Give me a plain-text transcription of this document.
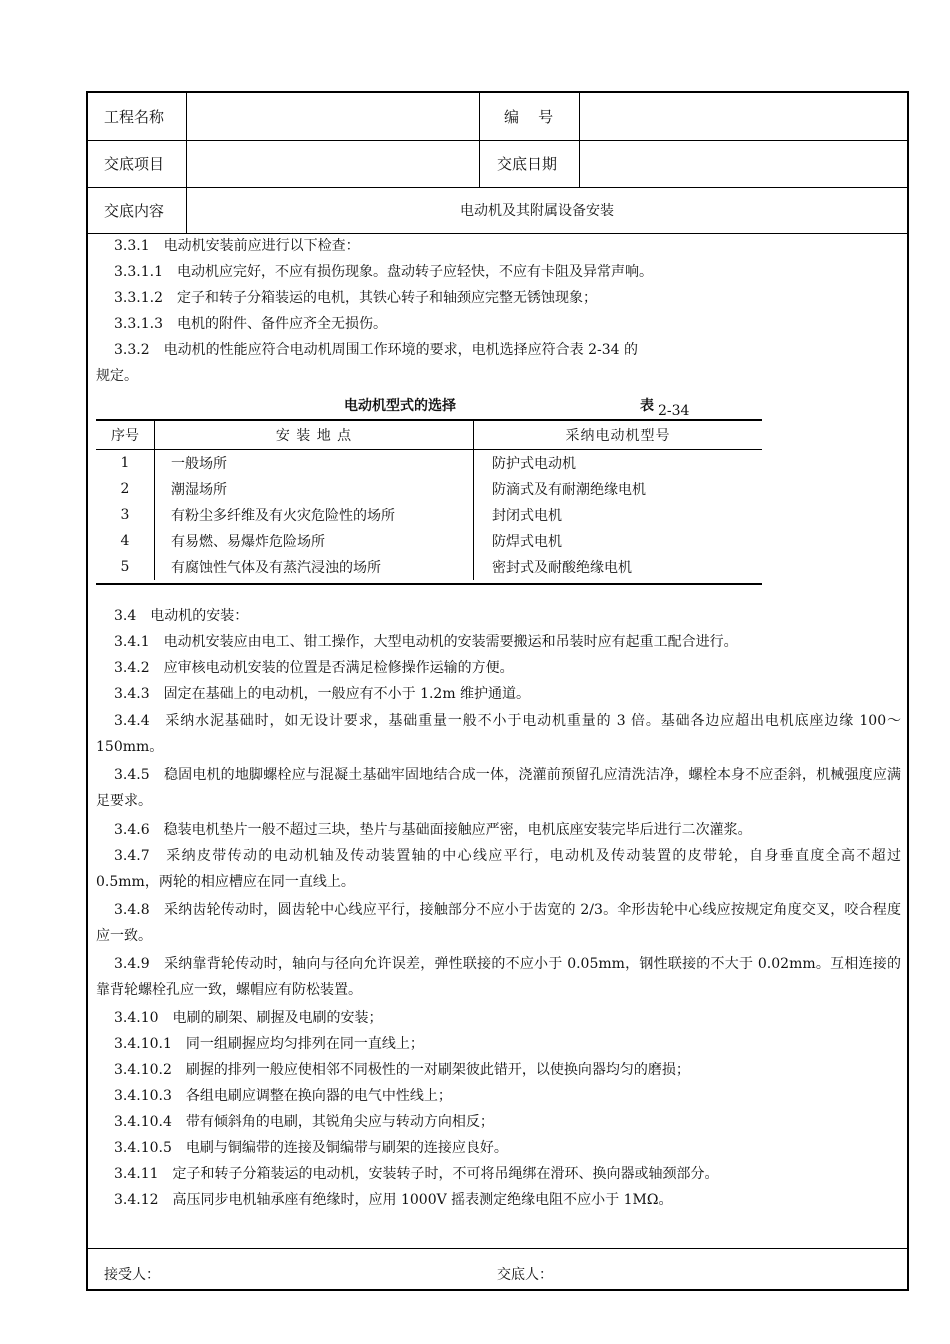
工程名称	编    号
交底项目	交底日期
交底内容	电动机及其附属设备安装

3.3.1　电动机安装前应进行以下检查：

3.3.1.1　电动机应完好，不应有损伤现象。盘动转子应轻快，不应有卡阻及异常声响。

3.3.1.2　定子和转子分箱装运的电机，其铁心转子和轴颈应完整无锈蚀现象；

3.3.1.3　电机的附件、备件应齐全无损伤。

3.3.2　电动机的性能应符合电动机周围工作环境的要求，电机选择应符合表 2-34 的

规定。

电动机型式的选择	表 2-34
序号	安 装 地 点	采纳电动机型号
1	一般场所	防护式电动机
2	潮湿场所	防滴式及有耐潮绝缘电机
3	有粉尘多纤维及有火灾危险性的场所	封闭式电机
4	有易燃、易爆炸危险场所	防焊式电机
5	有腐蚀性气体及有蒸汽浸浊的场所	密封式及耐酸绝缘电机

3.4　电动机的安装：

3.4.1　电动机安装应由电工、钳工操作，大型电动机的安装需要搬运和吊装时应有起重工配合进行。

3.4.2　应审核电动机安装的位置是否满足检修操作运输的方便。

3.4.3　固定在基础上的电动机，一般应有不小于 1.2m 维护通道。

3.4.4　采纳水泥基础时，如无设计要求，基础重量一般不小于电动机重量的 3 倍。基础各边应超出电机底座边缘 100～150mm。

3.4.5　稳固电机的地脚螺栓应与混凝土基础牢固地结合成一体，浇灌前预留孔应清洗洁净，螺栓本身不应歪斜，机械强度应满足要求。

3.4.6　稳装电机垫片一般不超过三块，垫片与基础面接触应严密，电机底座安装完毕后进行二次灌浆。

3.4.7　采纳皮带传动的电动机轴及传动装置轴的中心线应平行，电动机及传动装置的皮带轮，自身垂直度全高不超过 0.5mm，两轮的相应槽应在同一直线上。

3.4.8　采纳齿轮传动时，圆齿轮中心线应平行，接触部分不应小于齿宽的 2/3。伞形齿轮中心线应按规定角度交叉，咬合程度应一致。

3.4.9　采纳靠背轮传动时，轴向与径向允许误差，弹性联接的不应小于 0.05mm，钢性联接的不大于 0.02mm。互相连接的靠背轮螺栓孔应一致，螺帽应有防松装置。

3.4.10　电刷的刷架、刷握及电刷的安装；

3.4.10.1　同一组刷握应均匀排列在同一直线上；

3.4.10.2　刷握的排列一般应使相邻不同极性的一对刷架彼此错开，以使换向器均匀的磨损；

3.4.10.3　各组电刷应调整在换向器的电气中性线上；

3.4.10.4　带有倾斜角的电刷，其锐角尖应与转动方向相反；

3.4.10.5　电刷与铜编带的连接及铜编带与刷架的连接应良好。

3.4.11　定子和转子分箱装运的电动机，安装转子时，不可将吊绳绑在滑环、换向器或轴颈部分。

3.4.12　高压同步电机轴承座有绝缘时，应用 1000V 摇表测定绝缘电阻不应小于 1MΩ。

接受人：	交底人：
